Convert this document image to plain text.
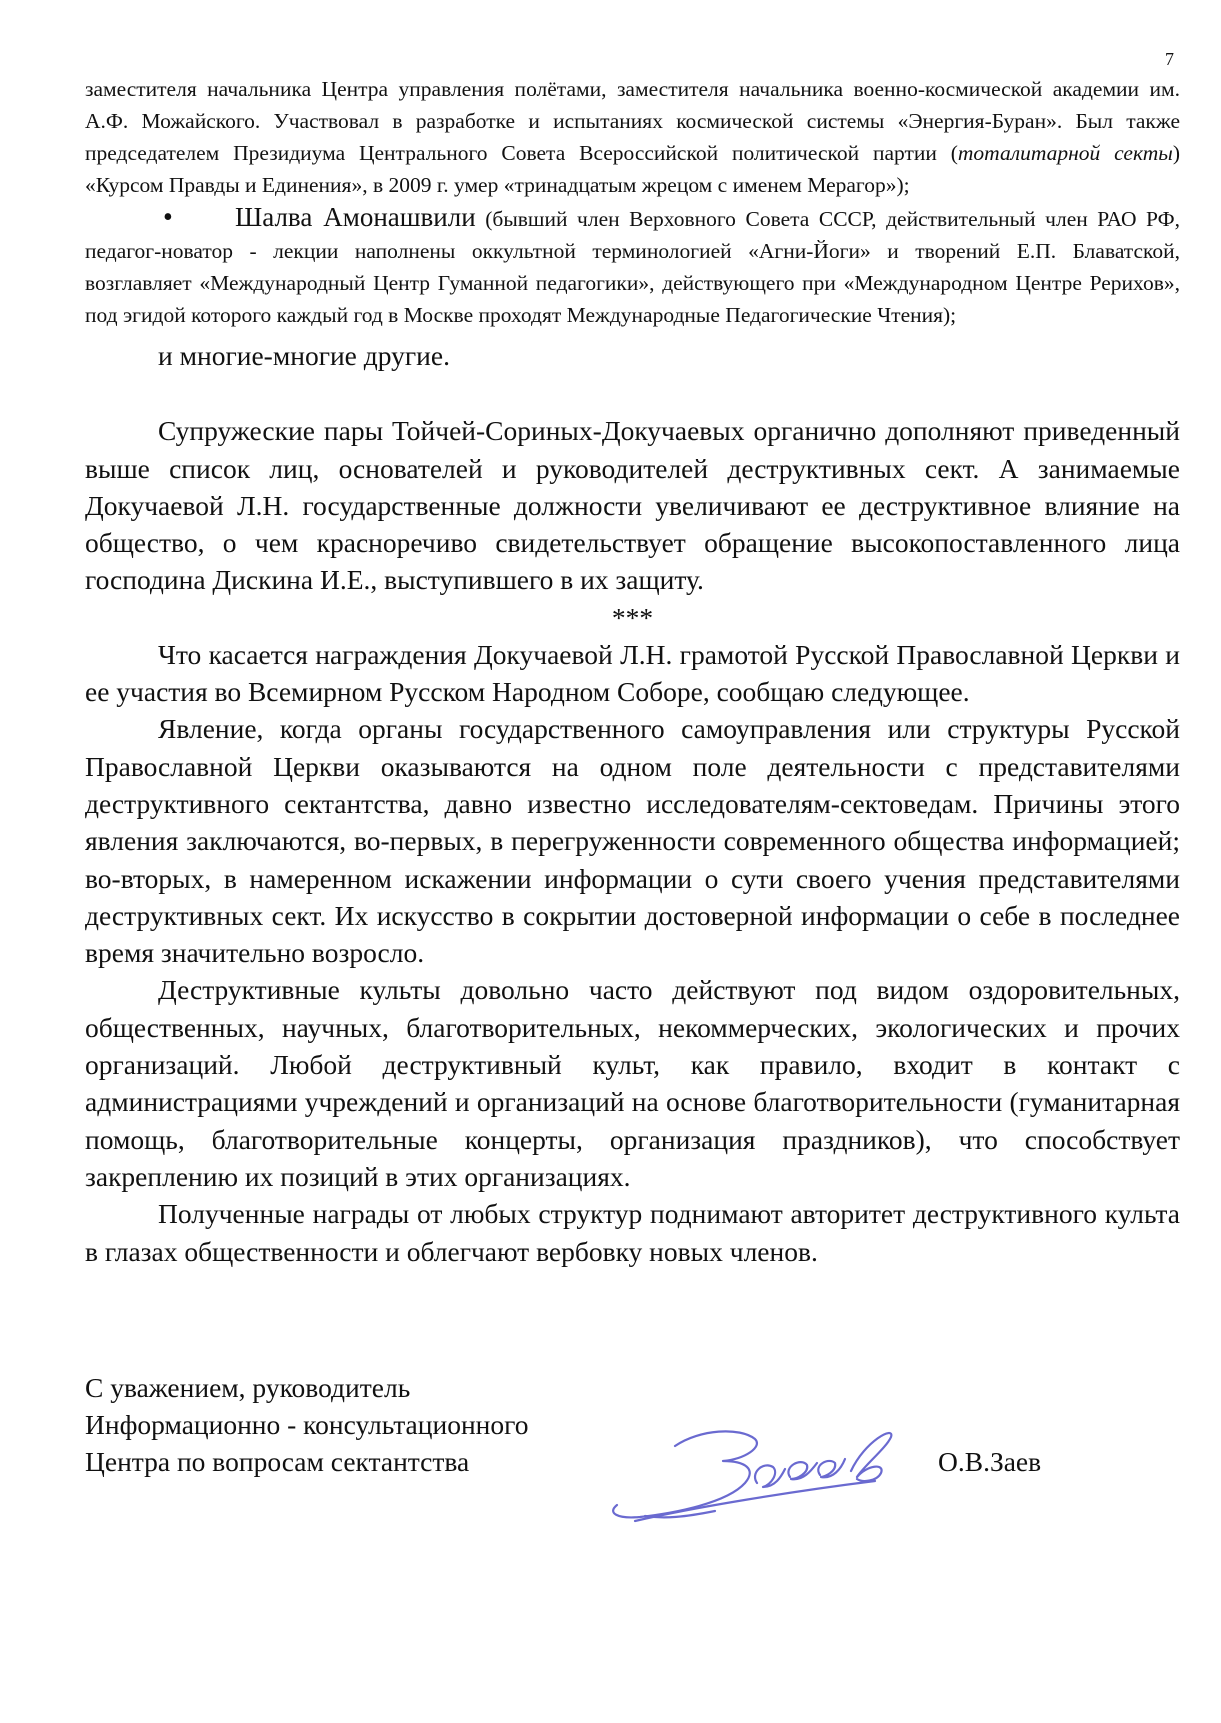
7

заместителя начальника Центра управления полётами, заместителя начальника военно-космической академии им. А.Ф. Можайского. Участвовал в разработке и испытаниях космической системы «Энергия-Буран». Был также председателем Президиума Центрального Совета Всероссийской политической партии (тоталитарной секты) «Курсом Правды и Единения», в 2009 г. умер «тринадцатым жрецом с именем Мерагор»);

• Шалва Амонашвили (бывший член Верховного Совета СССР, действительный член РАО РФ, педагог-новатор - лекции наполнены оккультной терминологией «Агни-Йоги» и творений Е.П. Блаватской, возглавляет «Международный Центр Гуманной педагогики», действующего при «Международном Центре Рерихов», под эгидой которого каждый год в Москве проходят Международные Педагогические Чтения);

и многие-многие другие.

Супружеские пары Тойчей-Сориных-Докучаевых органично дополняют приведенный выше список лиц, основателей и руководителей деструктивных сект. А занимаемые Докучаевой Л.Н. государственные должности увеличивают ее деструктивное влияние на общество, о чем красноречиво свидетельствует обращение высокопоставленного лица господина Дискина И.Е., выступившего в их защиту.

***

Что касается награждения Докучаевой Л.Н. грамотой Русской Православной Церкви и ее участия во Всемирном Русском Народном Соборе, сообщаю следующее.

Явление, когда органы государственного самоуправления или структуры Русской Православной Церкви оказываются на одном поле деятельности с представителями деструктивного сектантства, давно известно исследователям-сектоведам. Причины этого явления заключаются, во-первых, в перегруженности современного общества информацией; во-вторых, в намеренном искажении информации о сути своего учения представителями деструктивных сект. Их искусство в сокрытии достоверной информации о себе в последнее время значительно возросло.

Деструктивные культы довольно часто действуют под видом оздоровительных, общественных, научных, благотворительных, некоммерческих, экологических и прочих организаций. Любой деструктивный культ, как правило, входит в контакт с администрациями учреждений и организаций на основе благотворительности (гуманитарная помощь, благотворительные концерты, организация праздников), что способствует закреплению их позиций в этих организациях.

Полученные награды от любых структур поднимают авторитет деструктивного культа в глазах общественности и облегчают вербовку новых членов.

С уважением, руководитель

Информационно - консультационного

Центра по вопросам сектантства	О.В.Заев
